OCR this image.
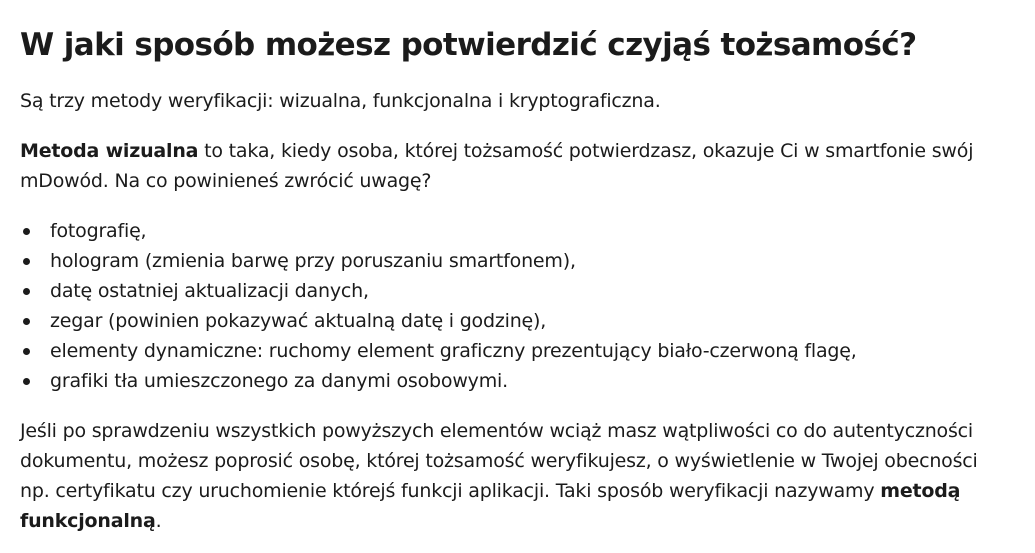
W jaki sposób możesz potwierdzić czyjąś tożsamość?

Są trzy metody weryfikacji: wizualna, funkcjonalna i kryptograficzna.

Metoda wizualna to taka, kiedy osoba, której tożsamość potwierdzasz, okazuje Ci w smartfonie swój mDowód. Na co powinieneś zwrócić uwagę?

fotografię,
hologram (zmienia barwę przy poruszaniu smartfonem),
datę ostatniej aktualizacji danych,
zegar (powinien pokazywać aktualną datę i godzinę),
elementy dynamiczne: ruchomy element graficzny prezentujący biało-czerwoną flagę,
grafiki tła umieszczonego za danymi osobowymi.

Jeśli po sprawdzeniu wszystkich powyższych elementów wciąż masz wątpliwości co do autentyczności dokumentu, możesz poprosić osobę, której tożsamość weryfikujesz, o wyświetlenie w Twojej obecności np. certyfikatu czy uruchomienie którejś funkcji aplikacji. Taki sposób weryfikacji nazywamy metodą funkcjonalną.
